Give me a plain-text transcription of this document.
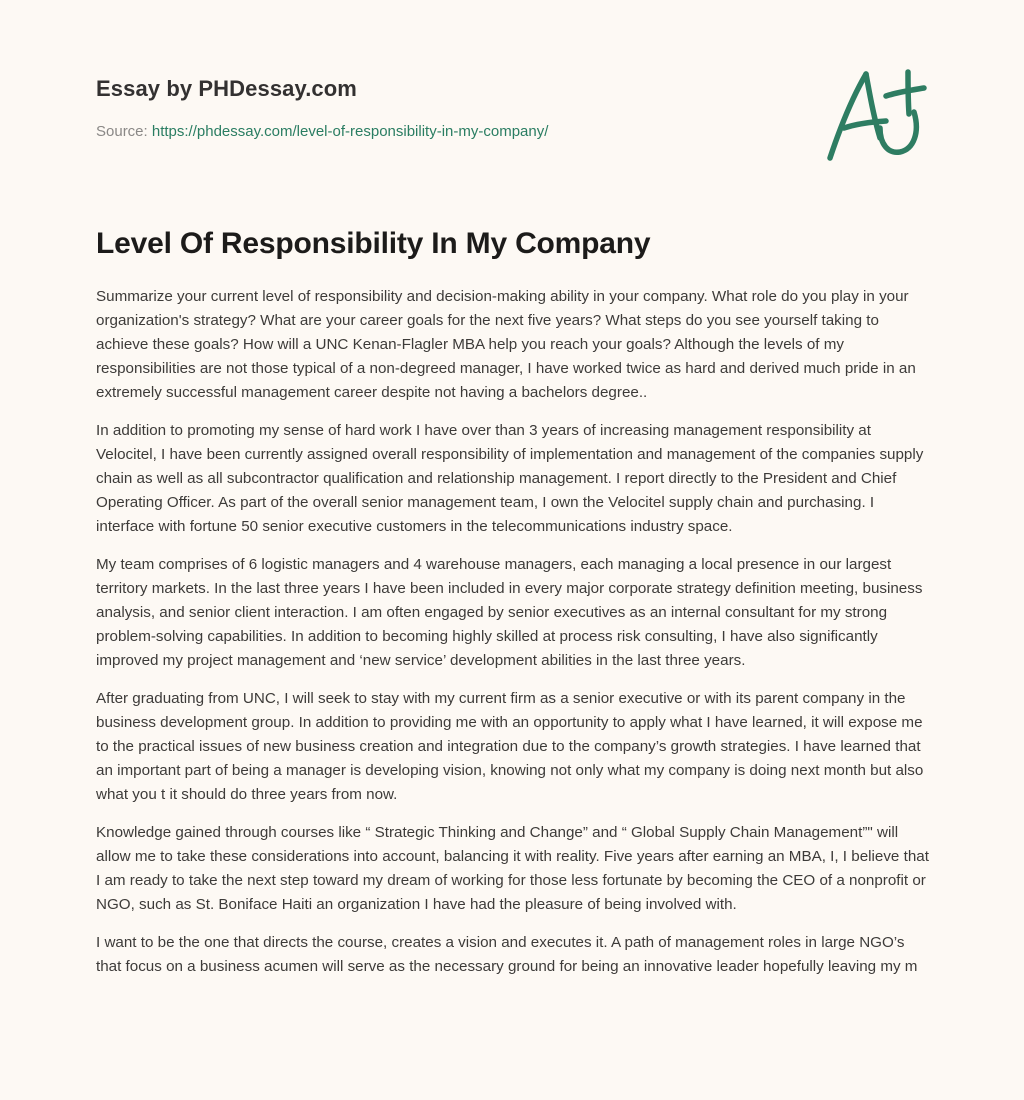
Essay by PHDessay.com
Source: https://phdessay.com/level-of-responsibility-in-my-company/
Level Of Responsibility In My Company

Summarize your current level of responsibility and decision-making ability in your company. What role do you play in your organization's strategy? What are your career goals for the next five years? What steps do you see yourself taking to achieve these goals? How will a UNC Kenan-Flagler MBA help you reach your goals? Although the levels of my responsibilities are not those typical of a non-degreed manager, I have worked twice as hard and derived much pride in an extremely successful management career despite not having a bachelors degree..

In addition to promoting my sense of hard work I have over than 3 years of increasing management responsibility at Velocitel, I have been currently assigned overall responsibility of implementation and management of the companies supply chain as well as all subcontractor qualification and relationship management. I report directly to the President and Chief Operating Officer. As part of the overall senior management team, I own the Velocitel supply chain and purchasing. I interface with fortune 50 senior executive customers in the telecommunications industry space.

My team comprises of 6 logistic managers and 4 warehouse managers, each managing a local presence in our largest territory markets. In the last three years I have been included in every major corporate strategy definition meeting, business analysis, and senior client interaction. I am often engaged by senior executives as an internal consultant for my strong problem-solving capabilities. In addition to becoming highly skilled at process risk consulting, I have also significantly improved my project management and ‘new service’ development abilities in the last three years.

After graduating from UNC, I will seek to stay with my current firm as a senior executive or with its parent company in the business development group. In addition to providing me with an opportunity to apply what I have learned, it will expose me to the practical issues of new business creation and integration due to the company’s growth strategies. I have learned that an important part of being a manager is developing vision, knowing not only what my company is doing next month but also what you t it should do three years from now.

Knowledge gained through courses like “ Strategic Thinking and Change” and “ Global Supply Chain Management”" will allow me to take these considerations into account, balancing it with reality. Five years after earning an MBA, I, I believe that I am ready to take the next step toward my dream of working for those less fortunate by becoming the CEO of a nonprofit or NGO, such as St. Boniface Haiti an organization I have had the pleasure of being involved with.

I want to be the one that directs the course, creates a vision and executes it. A path of management roles in large NGO’s that focus on a business acumen will serve as the necessary ground for being an innovative leader hopefully leaving my m
